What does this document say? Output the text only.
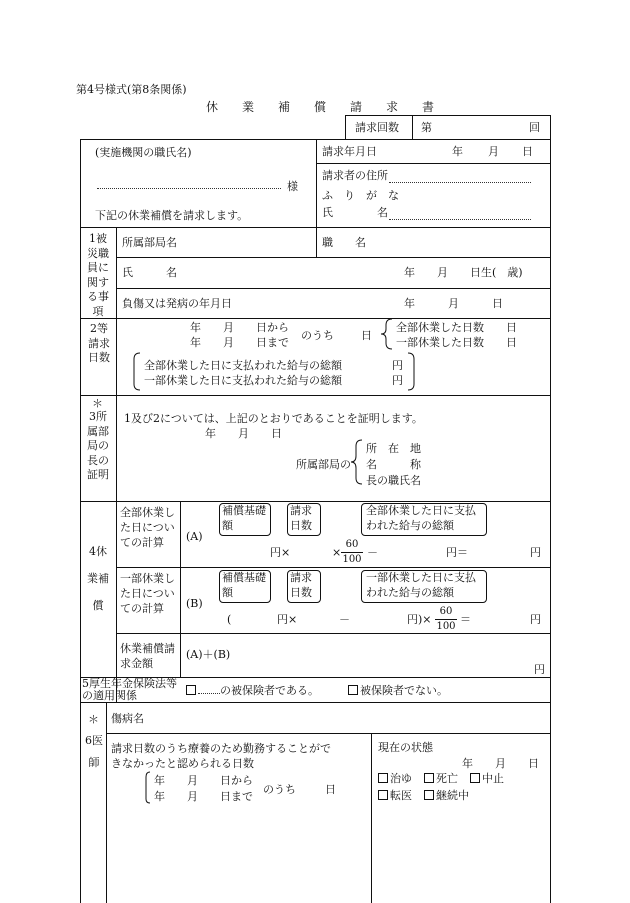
第4号様式(第8条関係)
休　　業　　補　　償　　請　　求　　書
請求回数 第	回
(実施機関の職氏名)
様
下記の休業補償を請求します。
請求年月日	年 月 日
請求者の住所
ふ　り　が　な
氏　　　　名
1被災職員に関する事項
所属部局名	職　　名
氏　　　名	年　　月　　日生(　歳)
負傷又は発病の年月日	年　　　月　　　日
2等請求日数
年　　月　　日から
年　　月　　日まで
のうち 日
全部休業した日数　　日
一部休業した日数　　日
全部休業した日に支払われた給与の総額	円
一部休業した日に支払われた給与の総額	円
＊
3所属部局の長の証明
1及び2については、上記のとおりであることを証明します。
年　　月　　日
所属部局の
所　在　地
名　　　称
長の職氏名
4休業補償
全部休業した日についての計算	(A)
補償基礎額
請求日数
全部休業した日に支払われた給与の総額
円×	×
60
100
－	円＝	円
一部休業した日についての計算	(B)
補償基礎額
請求日数
一部休業した日に支払われた給与の総額
(	円×	－	円)×
60
100
＝	円
休業補償請求金額
(A)＋(B)
円
5厚生年金保険法等の適用関係	の被保険者である。	被保険者でない。
＊
6医師
傷病名
請求日数のうち療養のため勤務することができなかったと認められる日数
年　　月　　日から
年　　月　　日まで
のうち	日
現在の状態
年　　月　　日
治ゆ	死亡	中止
転医	継続中
